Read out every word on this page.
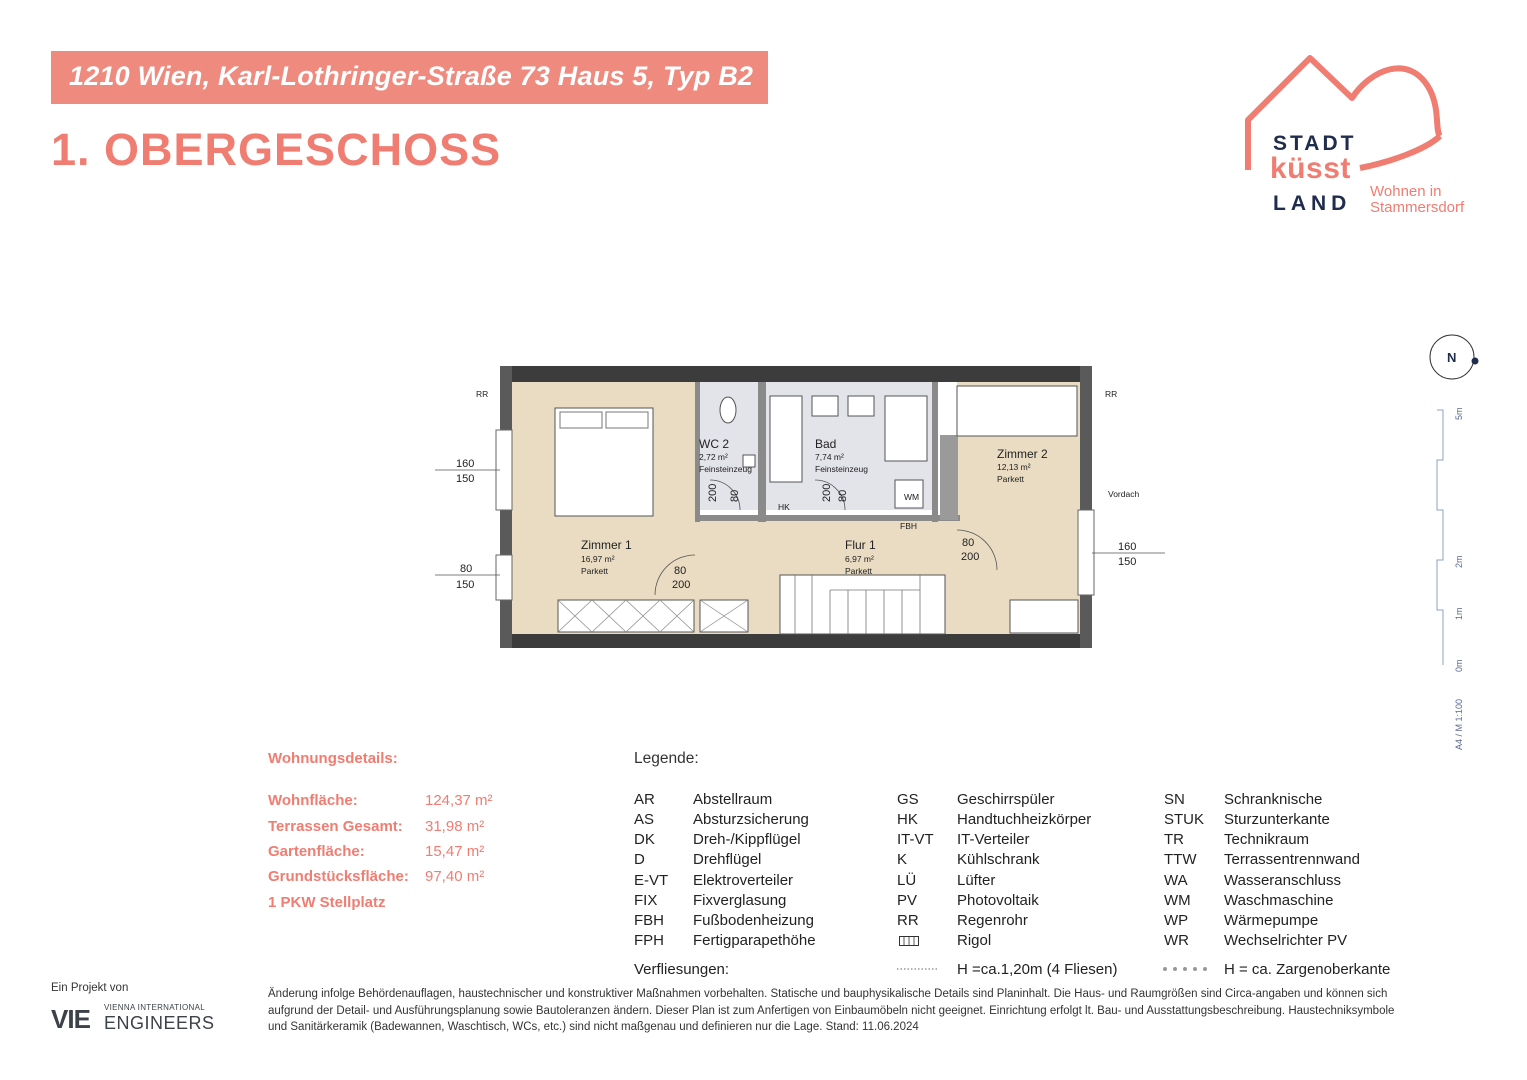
1210 Wien, Karl-Lothringer-Straße 73 Haus 5, Typ B2
1. OBERGESCHOSS	STADT
küsst
LAND
Wohnen in
Stammersdorf
RR	RR
Vordach
160
150
80
150
160
150
80
200
80
200
200 80	200 80
HK
FBH
WM
Zimmer 1
16,97 m²
Parkett
WC 2
2,72 m²
Feinsteinzeug
Bad
7,74 m²
Feinsteinzeug
Zimmer 2
12,13 m²
Parkett
Flur 1
6,97 m²
Parkett
N
5m
2m
1m
0m
A4 / M 1:100
Wohnungsdetails:
Wohnfläche:	124,37 m²
Terrassen Gesamt: 31,98 m²
Gartenfläche:	15,47 m²
Grundstücksfläche: 97,40 m²
1 PKW Stellplatz
Legende:
AR	Abstellraum
AS	Absturzsicherung
DK	Dreh-/Kippflügel
D	Drehflügel
E-VT Elektroverteiler
FIX Fixverglasung
FBH Fußbodenheizung
FPH Fertigparapethöhe
GS	Geschirrspüler
HK	Handtuchheizkörper
IT-VT IT-Verteiler
K	Kühlschrank
LÜ	Lüfter
PV	Photovoltaik
RR	Regenrohr
Rigol
SN	Schranknische
STUK Sturzunterkante
TR	Technikraum
TTW Terrassentrennwand
WA Wasseranschluss
WM Waschmaschine
WP Wärmepumpe
WR Wechselrichter PV
Verfliesungen:	H =ca.1,20m (4 Fliesen)	H = ca. Zargenoberkante
Ein Projekt von
VIE VIENNA INTERNATIONAL
ENGINEERS
Änderung infolge Behördenauflagen, haustechnischer und konstruktiver Maßnahmen vorbehalten. Statische und bauphysikalische Details sind Planinhalt. Die Haus- und Raumgrößen sind Circa-angaben und können sich aufgrund der Detail- und Ausführungsplanung sowie Bautoleranzen ändern. Dieser Plan ist zum Anfertigen von Einbaumöbeln nicht geeignet. Einrichtung erfolgt lt. Bau- und Ausstattungsbeschreibung. Haustechniksymbole und Sanitärkeramik (Badewannen, Waschtisch, WCs, etc.) sind nicht maßgenau und definieren nur die Lage. Stand: 11.06.2024
